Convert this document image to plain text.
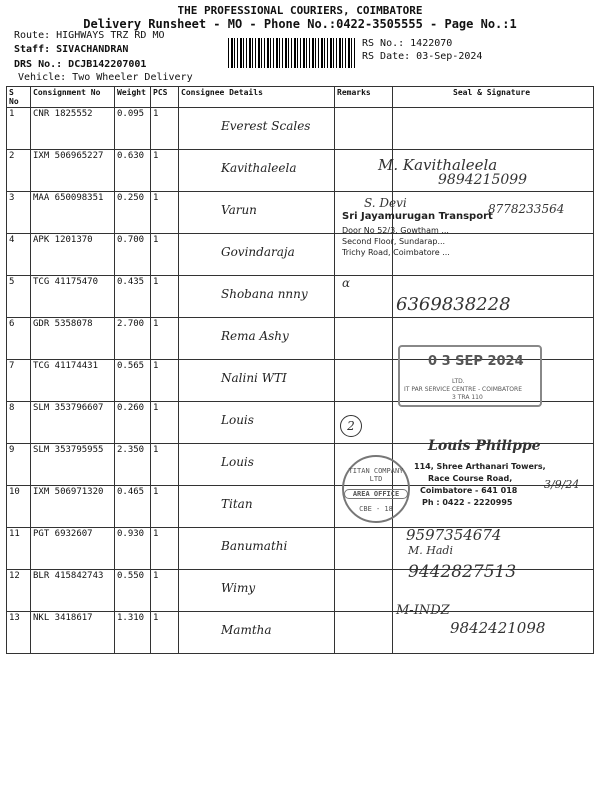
THE PROFESSIONAL COURIERS, COIMBATORE
Delivery Runsheet - MO - Phone No.:0422-3505555 - Page No.:1
Route: HIGHWAYS TRZ RD MO
Staff: SIVACHANDRAN
DRS No.: DCJB142207001
Vehicle: Two Wheeler Delivery
RS No.: 1422070
RS Date: 03-Sep-2024
S No	Consignment No	Weight	PCS	Consignee Details	Remarks	Seal & Signature
1	CNR 1825552	0.095	1	Everest Scales		
2	IXM 506965227	0.630	1	Kavithaleela		
3	MAA 650098351	0.250	1	Varun		
4	APK 1201370	0.700	1	Govindaraja		
5	TCG 41175470	0.435	1	Shobana nnny		
6	GDR 5358078	2.700	1	Rema Ashy		
7	TCG 41174431	0.565	1	Nalini WTI		
8	SLM 353796607	0.260	1	Louis		
9	SLM 353795955	2.350	1	Louis		
10	IXM 506971320	0.465	1	Titan		
11	PGT 6932607	0.930	1	Banumathi		
12	BLR 415842743	0.550	1	Wimy		
13	NKL 3418617	1.310	1	Mamtha		
M. Kavithaleela
9894215099
S. Devi	8778233564
Sri Jayamurugan Transport
Door No 52/3, Gowtham ...
Second Floor, Sundarap...
Trichy Road, Coimbatore ...
α
6369838228
0 3 SEP 2024
LTD.
IT PAR SERVICE CENTRE - COIMBATORE
3 TRA 110
2
Louis Philippe
114, Shree Arthanari Towers,
Race Course Road,
Coimbatore - 641 018
Ph : 0422 - 2220995
TITAN COMPANY LTD
AREA OFFICE
CBE - 18
3/9/24
9597354674
M. Hadi
9442827513
M-INDZ
9842421098
